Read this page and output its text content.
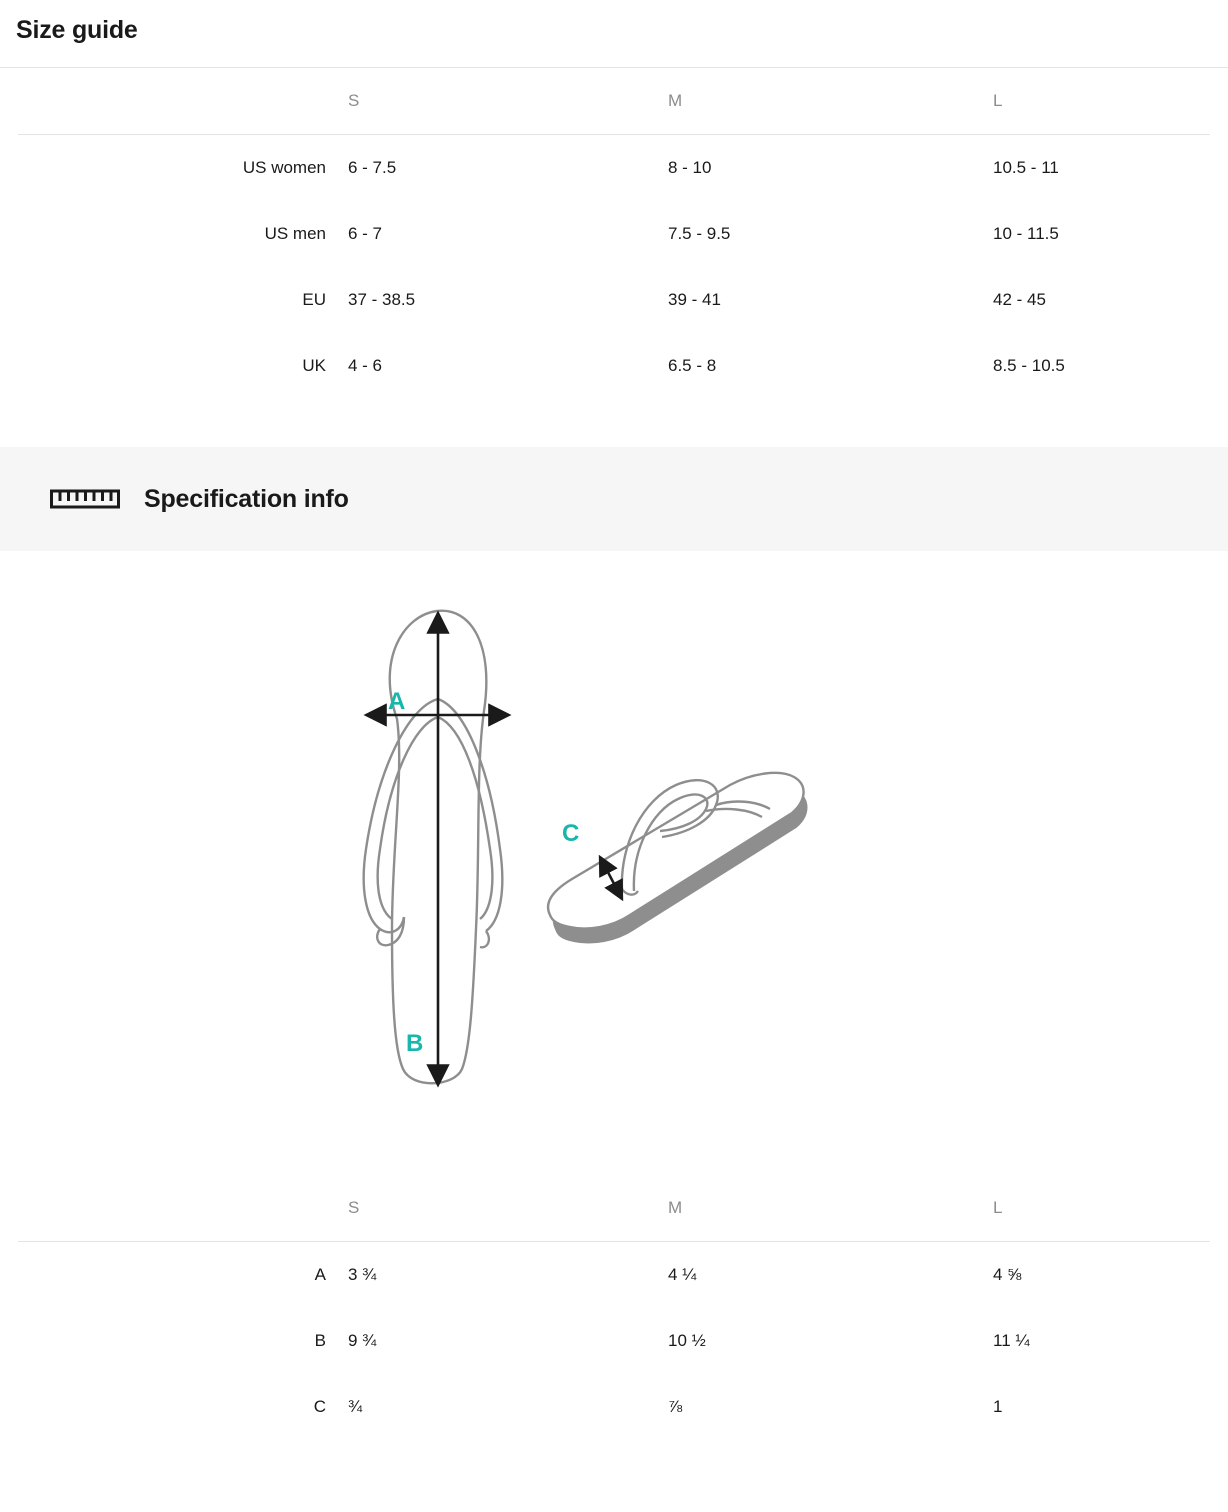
Size guide
	S	M	L

US women	6 - 7.5	8 - 10	10.5 - 11
US men	6 - 7	7.5 - 9.5	10 - 11.5
EU	37 - 38.5	39 - 41	42 - 45
UK	4 - 6	6.5 - 8	8.5 - 10.5
Specification info
A
B
C
	S	M	L

A	3 ¾	4 ¼	4 ⅝
B	9 ¾	10 ½	11 ¼
C	¾	⅞	1
